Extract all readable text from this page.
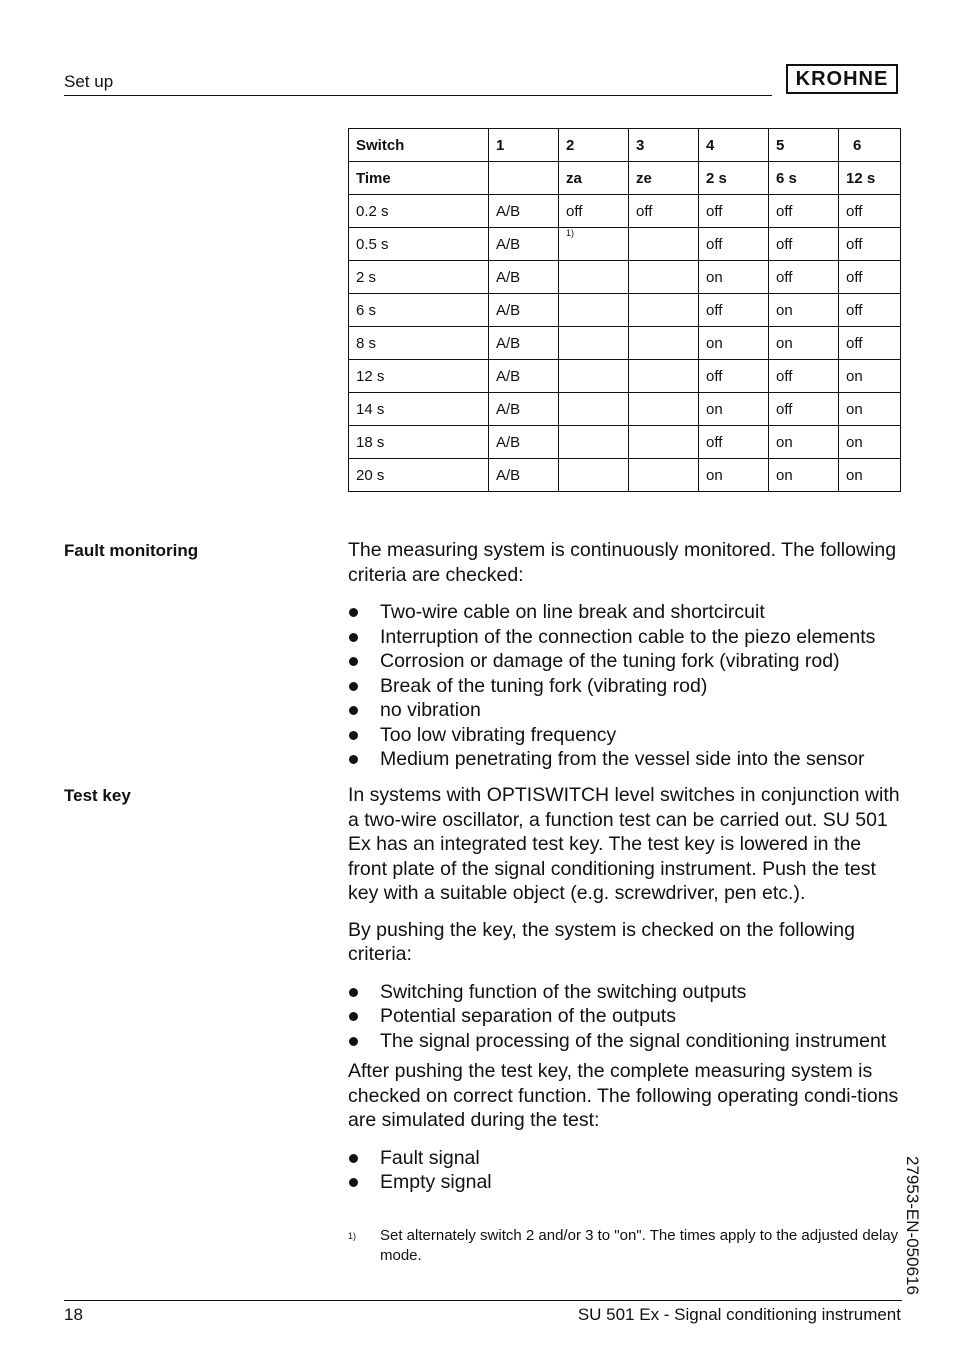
Set up	KROHNE
Switch	1	2	3	4	5	6
Time		za	ze	2 s	6 s	12 s
0.2 s	A/B	off	off	off	off	off
0.5 s	A/B	$^{1)}$		off	off	off
2 s	A/B			on	off	off
6 s	A/B			off	on	off
8 s	A/B			on	on	off
12 s	A/B			off	off	on
14 s	A/B			on	off	on
18 s	A/B			off	on	on
20 s	A/B			on	on	on
Fault monitoring	The measuring system is continuously monitored. The following criteria are checked:
Two-wire cable on line break and shortcircuit
Interruption of the connection cable to the piezo elements
Corrosion or damage of the tuning fork (vibrating rod)
Break of the tuning fork (vibrating rod)
no vibration
Too low vibrating frequency
Medium penetrating from the vessel side into the sensor
Test key	In systems with OPTISWITCH level switches in conjunction with a two-wire oscillator, a function test can be carried out. SU 501 Ex has an integrated test key. The test key is lowered in the front plate of the signal conditioning instrument. Push the test key with a suitable object (e.g. screwdriver, pen etc.).
By pushing the key, the system is checked on the following criteria:
Switching function of the switching outputs
Potential separation of the outputs
The signal processing of the signal conditioning instrument
After pushing the test key, the complete measuring system is checked on correct function. The following operating condi-tions are simulated during the test:
Fault signal
Empty signal
1) Set alternately switch 2 and/or 3 to "on". The times apply to the adjusted delay mode.	27953-EN-050616
18	SU 501 Ex - Signal conditioning instrument
